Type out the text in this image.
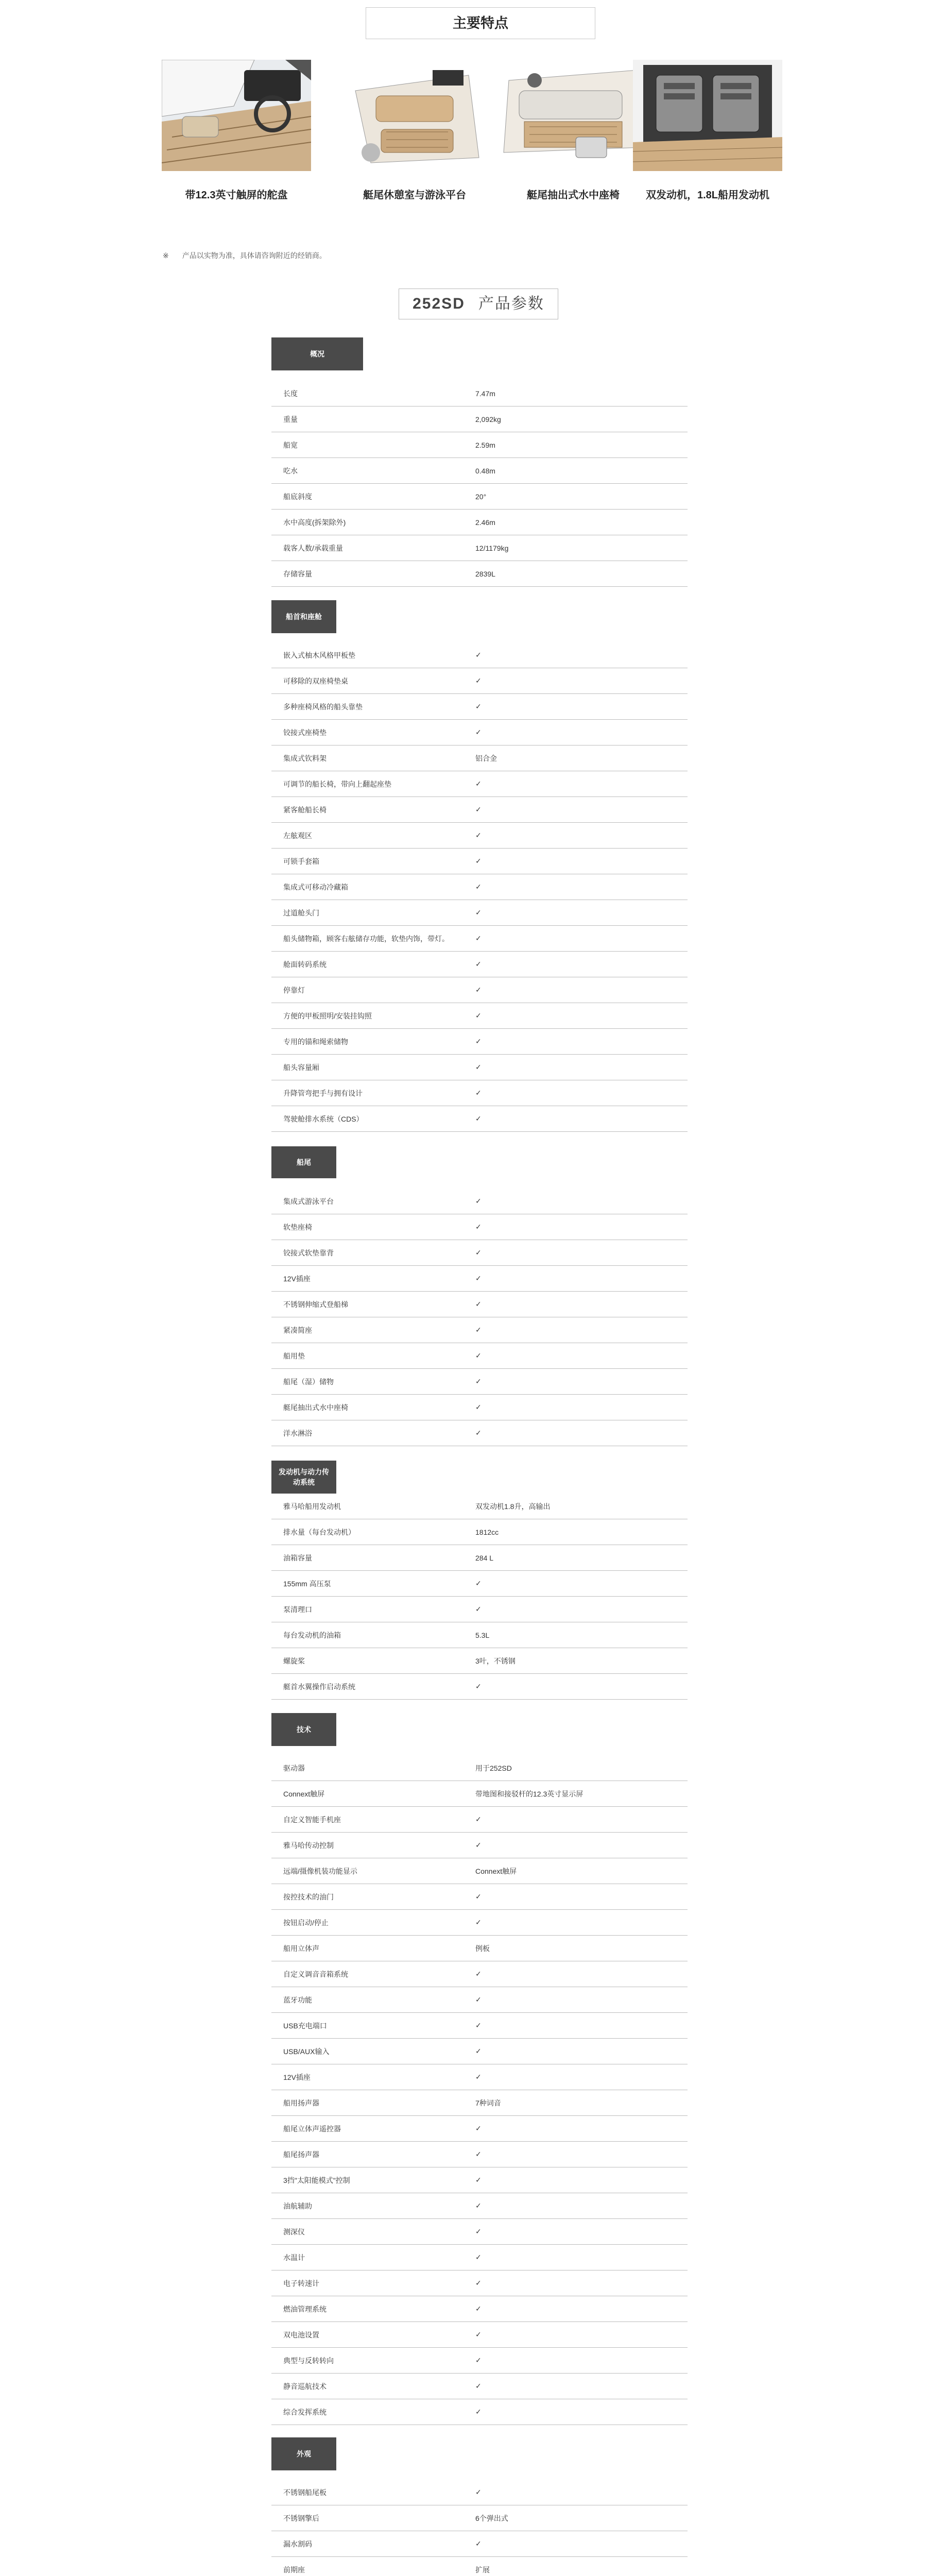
主要特点
带12.3英寸触屏的舵盘	艇尾休憩室与游泳平台	艇尾抽出式水中座椅	双发动机，1.8L船用发动机
※ 产品以实物为准，具体请咨询附近的经销商。
252SD 产品参数
概况
长度	7.47m
重量	2,092kg
船宽	2.59m
吃水	0.48m
船底斜度	20°
水中高度(拆架除外)	2.46m
载客人数/承载重量	12/1179kg
存储容量	2839L
船首和座舱
嵌入式柚木风格甲板垫	✓
可移除的双座椅垫桌	✓
多种座椅风格的船头靠垫	✓
铰接式座椅垫	✓
集成式钦料架	铝合金
可调节的船长椅，带向上翻起座垫	✓
紧客舱船长椅	✓
左舷观区	✓
可锁手套箱	✓
集成式可移动冷藏箱	✓
过道舱头门	✓
船头储物箱，顾客右舷储存功能，软垫内饰，带灯。	✓
舱面转码系统	✓
停靠灯	✓
方便的甲板照明/安装挂钩照	✓
专用的锚和绳索储物	✓
船头容量厢	✓
升降管弯把手与拥有设计	✓
驾驶舱排水系统（CDS）	✓
船尾
集成式游泳平台	✓
软垫座椅	✓
铰接式软垫靠背	✓
12V插座	✓
不锈钢伸缩式登船梯	✓
紧凑简座	✓
船用垫	✓
船尾（湿）储物	✓
艇尾抽出式水中座椅	✓
洋水淋浴	✓
发动机与动力传动系统
雅马哈船用发动机	双发动机1.8升，高输出
排水量（每台发动机）	1812cc
油箱容量	284 L
155mm 高压泵	✓
泵清理口	✓
每台发动机的油箱	5.3L
螺旋桨	3叶，不锈钢
艇首水翼操作启动系统	✓
技术
驱动器	用于252SD
Connext触屏	带地图和接驳杆的12.3英寸显示屏
自定义智能手机座	✓
雅马哈传动控制	✓
远端/摄像机装功能显示	Connext触屏
按控技术的油门	✓
按钮启动/停止	✓
船用立体声	例板
自定义调音音箱系统	✓
蓝牙功能	✓
USB充电端口	✓
USB/AUX输入	✓
12V插座	✓
船用扬声器	7种词音
船尾立体声遥控器	✓
船尾扬声器	✓
3挡"太阳能模式"控制	✓
油航辅助	✓
测深仪	✓
水温计	✓
电子转速计	✓
燃油管理系统	✓
双电池设置	✓
典型与反转转向	✓
静音巡航技术	✓
综合发挥系统	✓
外观
不锈钢船尾板	✓
不锈钢擎后	6个弹出式
漏水割码	✓
前期座	扩展
